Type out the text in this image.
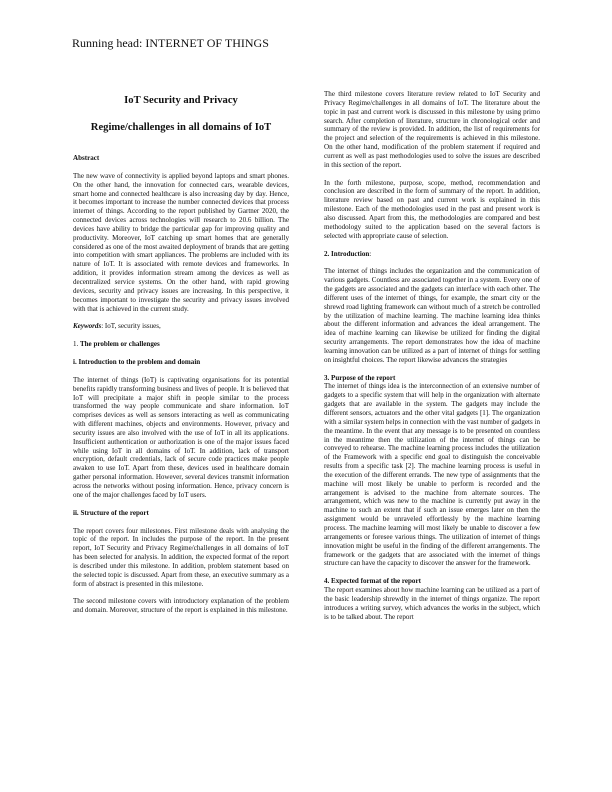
Running head: INTERNET OF THINGS
IoT Security and Privacy
Regime/challenges in all domains of IoT
Abstract

The new wave of connectivity is applied beyond laptops and smart phones. On the other hand, the innovation for connected cars, wearable devices, smart home and connected healthcare is also increasing day by day. Hence, it becomes important to increase the number connected devices that process internet of things. According to the report published by Gartner 2020, the connected devices across technologies will research to 20.6 billion. The devices have ability to bridge the particular gap for improving quality and productivity. Moreover, IoT catching up smart homes that are generally considered as one of the most awaited deployment of brands that are getting into competition with smart appliances. The problems are included with its nature of IoT. It is associated with remote devices and frameworks. In addition, it provides information stream among the devices as well as decentralized service systems. On the other hand, with rapid growing devices, security and privacy issues are increasing. In this perspective, it becomes important to investigate the security and privacy issues involved with that is achieved in the current study.

Keywords: IoT, security issues,

1. The problem or challenges
i. Introduction to the problem and domain

The internet of things (IoT) is captivating organisations for its potential benefits rapidly transforming business and lives of people. It is believed that IoT will precipitate a major shift in people similar to the process transformed the way people communicate and share information. IoT comprises devices as well as sensors interacting as well as communicating with different machines, objects and environments. However, privacy and security issues are also involved with the use of IoT in all its applications. Insufficient authentication or authorization is one of the major issues faced while using IoT in all domains of IoT. In addition, lack of transport encryption, default credentials, lack of secure code practices make people awaken to use IoT. Apart from these, devices used in healthcare domain gather personal information. However, several devices transmit information across the networks without posing information. Hence, privacy concern is one of the major challenges faced by IoT users.

ii. Structure of the report

The report covers four milestones. First milestone deals with analysing the topic of the report. In includes the purpose of the report. In the present report, IoT Security and Privacy Regime/challenges in all domains of IoT has been selected for analysis. In addition, the expected format of the report is described under this milestone. In addition, problem statement based on the selected topic is discussed. Apart from these, an executive summary as a form of abstract is presented in this milestone.

The second milestone covers with introductory explanation of the problem and domain. Moreover, structure of the report is explained in this milestone.

The third milestone covers literature review related to IoT Security and Privacy Regime/challenges in all domains of IoT. The literature about the topic in past and current work is discussed in this milestone by using primo search. After completion of literature, structure in chronological order and summary of the review is provided. In addition, the list of requirements for the project and selection of the requirements is achieved in this milestone. On the other hand, modification of the problem statement if required and current as well as past methodologies used to solve the issues are described in this section of the report.

In the forth milestone, purpose, scope, method, recommendation and conclusion are described in the form of summary of the report. In addition, literature review based on past and current work is explained in this milestone. Each of the methodologies used in the past and present work is also discussed. Apart from this, the methodologies are compared and best methodology suited to the application based on the several factors is selected with appropriate cause of selection.

2. Introduction:

The internet of things includes the organization and the communication of various gadgets. Countless are associated together in a system. Every one of the gadgets are associated and the gadgets can interface with each other. The different uses of the internet of things, for example, the smart city or the shrewd road lighting framework can without much of a stretch be controlled by the utilization of machine learning. The machine learning idea thinks about the different information and advances the ideal arrangement. The idea of machine learning can likewise be utilized for finding the digital security arrangements. The report demonstrates how the idea of machine learning innovation can be utilized as a part of internet of things for settling on insightful choices. The report likewise advances the strategies

3. Purpose of the report

The internet of things idea is the interconnection of an extensive number of gadgets to a specific system that will help in the organization with alternate gadgets that are available in the system. The gadgets may include the different sensors, actuators and the other vital gadgets [1]. The organization with a similar system helps in connection with the vast number of gadgets in the meantime. In the event that any message is to be presented on countless in the meantime then the utilization of the internet of things can be conveyed to rehearse. The machine learning process includes the utilization of the Framework with a specific end goal to distinguish the conceivable results from a specific task [2]. The machine learning process is useful in the execution of the different errands. The new type of assignments that the machine will most likely be unable to perform is recorded and the arrangement is advised to the machine from alternate sources. The arrangement, which was new to the machine is currently put away in the machine to such an extent that if such an issue emerges later on then the assignment would be unraveled effortlessly by the machine learning process. The machine learning will most likely be unable to discover a few arrangements or foresee various things. The utilization of internet of things innovation might be useful in the finding of the different arrangements. The framework or the gadgets that are associated with the internet of things structure can have the capacity to discover the answer for the framework.

4. Expected format of the report

The report examines about how machine learning can be utilized as a part of the basic leadership shrewdly in the internet of things organize. The report introduces a writing survey, which advances the works in the subject, which is to be talked about. The report
